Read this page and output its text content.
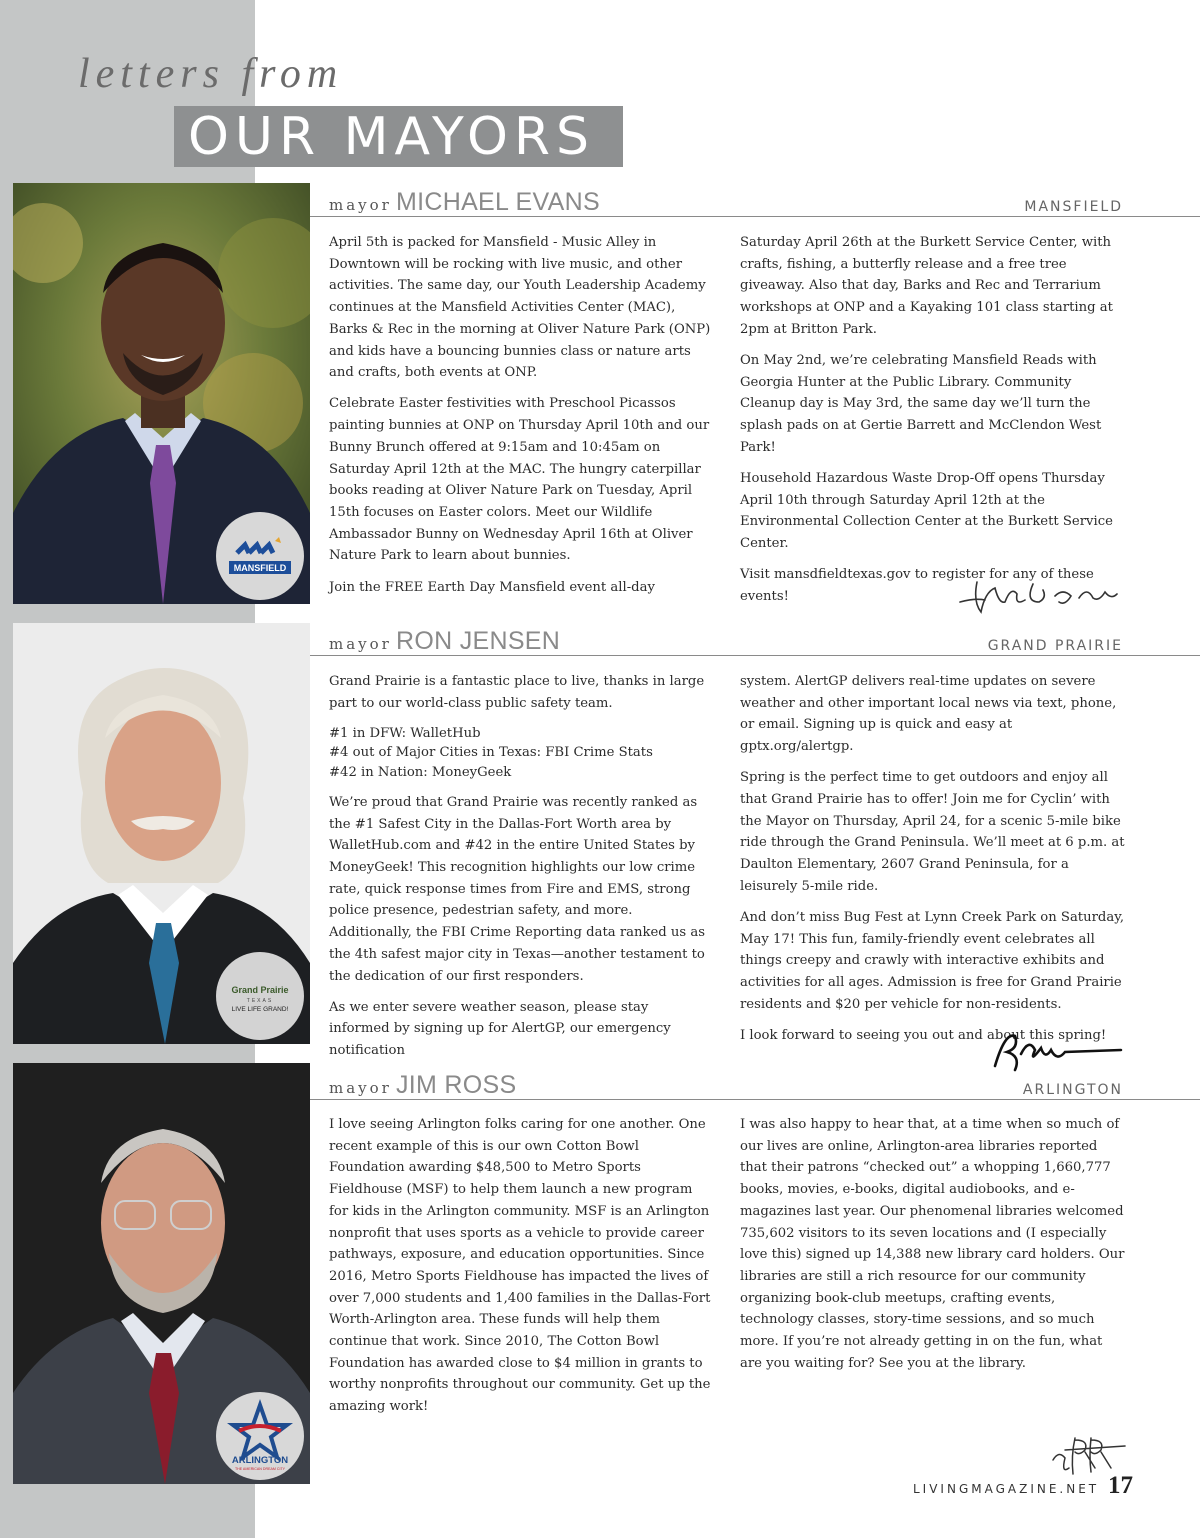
letters from
OUR MAYORS
MANSFIELD
mayor MICHAEL EVANS	MANSFIELD

April 5th is packed for Mansfield - Music Alley in Downtown will be rocking with live music, and other activities. The same day, our Youth Leadership Academy continues at the Mansfield Activities Center (MAC), Barks & Rec in the morning at Oliver Nature Park (ONP) and kids have a bouncing bunnies class or nature arts and crafts, both events at ONP.

Celebrate Easter festivities with Preschool Picassos painting bunnies at ONP on Thursday April 10th and our Bunny Brunch offered at 9:15am and 10:45am on Saturday April 12th at the MAC. The hungry caterpillar books reading at Oliver Nature Park on Tuesday, April 15th focuses on Easter colors. Meet our Wildlife Ambassador Bunny on Wednesday April 16th at Oliver Nature Park to learn about bunnies.

Join the FREE Earth Day Mansfield event all-day

Saturday April 26th at the Burkett Service Center, with crafts, fishing, a butterfly release and a free tree giveaway. Also that day, Barks and Rec and Terrarium workshops at ONP and a Kayaking 101 class starting at 2pm at Britton Park.

On May 2nd, we’re celebrating Mansfield Reads with Georgia Hunter at the Public Library. Community Cleanup day is May 3rd, the same day we’ll turn the splash pads on at Gertie Barrett and McClendon West Park!

Household Hazardous Waste Drop-Off opens Thursday April 10th through Saturday April 12th at the Environmental Collection Center at the Burkett Service Center.

Visit mansdfieldtexas.gov to register for any of these events!

Grand Prairie
TEXAS
LIVE LIFE GRAND!
mayor RON JENSEN	GRAND PRAIRIE

Grand Prairie is a fantastic place to live, thanks in large part to our world-class public safety team.

#1 in DFW: WalletHub
#4 out of Major Cities in Texas: FBI Crime Stats
#42 in Nation: MoneyGeek

We’re proud that Grand Prairie was recently ranked as the #1 Safest City in the Dallas-Fort Worth area by WalletHub.com and #42 in the entire United States by MoneyGeek! This recognition highlights our low crime rate, quick response times from Fire and EMS, strong police presence, pedestrian safety, and more. Additionally, the FBI Crime Reporting data ranked us as the 4th safest major city in Texas—another testament to the dedication of our first responders.

As we enter severe weather season, please stay informed by signing up for AlertGP, our emergency notification

system. AlertGP delivers real-time updates on severe weather and other important local news via text, phone, or email. Signing up is quick and easy at gptx.org/alertgp.

Spring is the perfect time to get outdoors and enjoy all that Grand Prairie has to offer! Join me for Cyclin’ with the Mayor on Thursday, April 24, for a scenic 5-mile bike ride through the Grand Peninsula. We’ll meet at 6 p.m. at Daulton Elementary, 2607 Grand Peninsula, for a leisurely 5-mile ride.

And don’t miss Bug Fest at Lynn Creek Park on Saturday, May 17! This fun, family-friendly event celebrates all things creepy and crawly with interactive exhibits and activities for all ages. Admission is free for Grand Prairie residents and $20 per vehicle for non-residents.

I look forward to seeing you out and about this spring!

ARLINGTON
THE AMERICAN DREAM CITY
mayor JIM ROSS	ARLINGTON

I love seeing Arlington folks caring for one another. One recent example of this is our own Cotton Bowl Foundation awarding $48,500 to Metro Sports Fieldhouse (MSF) to help them launch a new program for kids in the Arlington community. MSF is an Arlington nonprofit that uses sports as a vehicle to provide career pathways, exposure, and education opportunities. Since 2016, Metro Sports Fieldhouse has impacted the lives of over 7,000 students and 1,400 families in the Dallas-Fort Worth-Arlington area. These funds will help them continue that work. Since 2010, The Cotton Bowl Foundation has awarded close to $4 million in grants to worthy nonprofits throughout our community. Get up the amazing work!

I was also happy to hear that, at a time when so much of our lives are online, Arlington-area libraries reported that their patrons “checked out” a whopping 1,660,777 books, movies, e-books, digital audiobooks, and e-magazines last year. Our phenomenal libraries welcomed 735,602 visitors to its seven locations and (I especially love this) signed up 14,388 new library card holders. Our libraries are still a rich resource for our community organizing book-club meetups, crafting events, technology classes, story-time sessions, and so much more. If you’re not already getting in on the fun, what are you waiting for? See you at the library.

LIVINGMAGAZINE.NET 17
